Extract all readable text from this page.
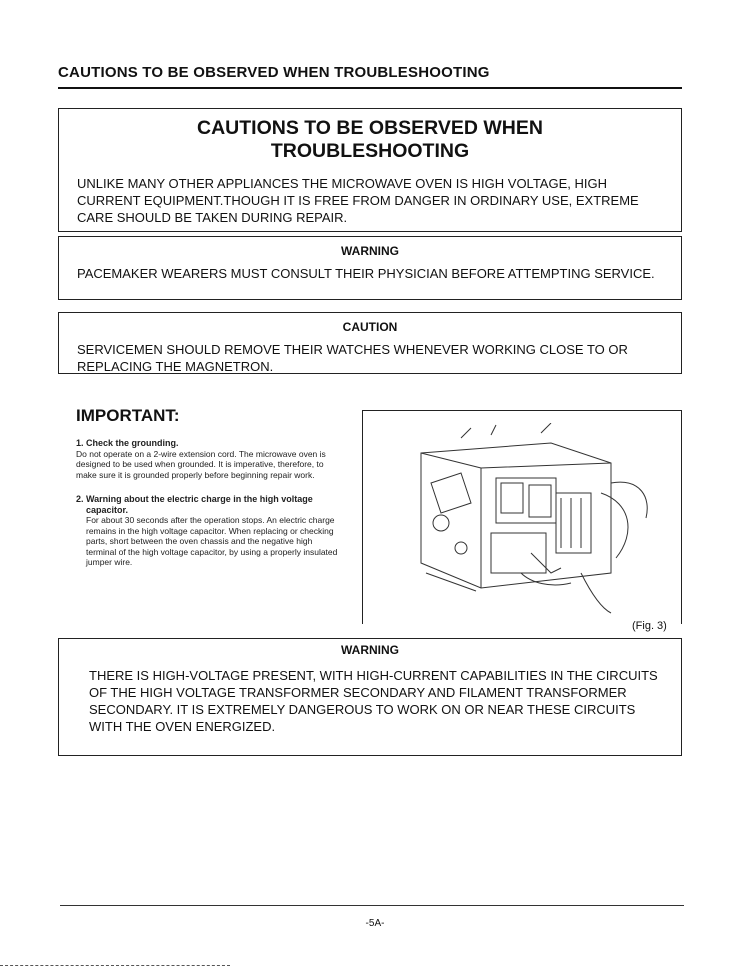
CAUTIONS TO BE OBSERVED WHEN TROUBLESHOOTING
CAUTIONS TO BE OBSERVED WHEN
TROUBLESHOOTING
UNLIKE MANY OTHER APPLIANCES THE MICROWAVE OVEN IS HIGH VOLTAGE, HIGH CURRENT EQUIPMENT.THOUGH IT IS FREE FROM DANGER IN ORDINARY USE, EXTREME CARE SHOULD BE TAKEN DURING REPAIR.
WARNING
PACEMAKER WEARERS MUST CONSULT THEIR PHYSICIAN BEFORE ATTEMPTING SERVICE.
CAUTION
SERVICEMEN SHOULD REMOVE THEIR WATCHES WHENEVER WORKING CLOSE TO OR REPLACING THE MAGNETRON.
IMPORTANT:
1. Check the grounding.
Do not operate on a 2-wire extension cord. The microwave oven is designed to be used when grounded. It is imperative, therefore, to make sure it is grounded properly before beginning repair work.
2. Warning about the electric charge in the high voltage capacitor.
For about 30 seconds after the operation stops. An electric charge remains in the high voltage capacitor. When replacing or checking parts, short between the oven chassis and the negative high terminal of the high voltage capacitor, by using a properly insulated jumper wire.
(Fig. 3)
WARNING
THERE IS HIGH-VOLTAGE PRESENT, WITH HIGH-CURRENT CAPABILITIES IN THE CIRCUITS
OF THE HIGH VOLTAGE TRANSFORMER SECONDARY AND FILAMENT TRANSFORMER SECONDARY. IT IS EXTREMELY DANGEROUS TO WORK ON OR NEAR THESE CIRCUITS WITH THE OVEN ENERGIZED.
-5A-
